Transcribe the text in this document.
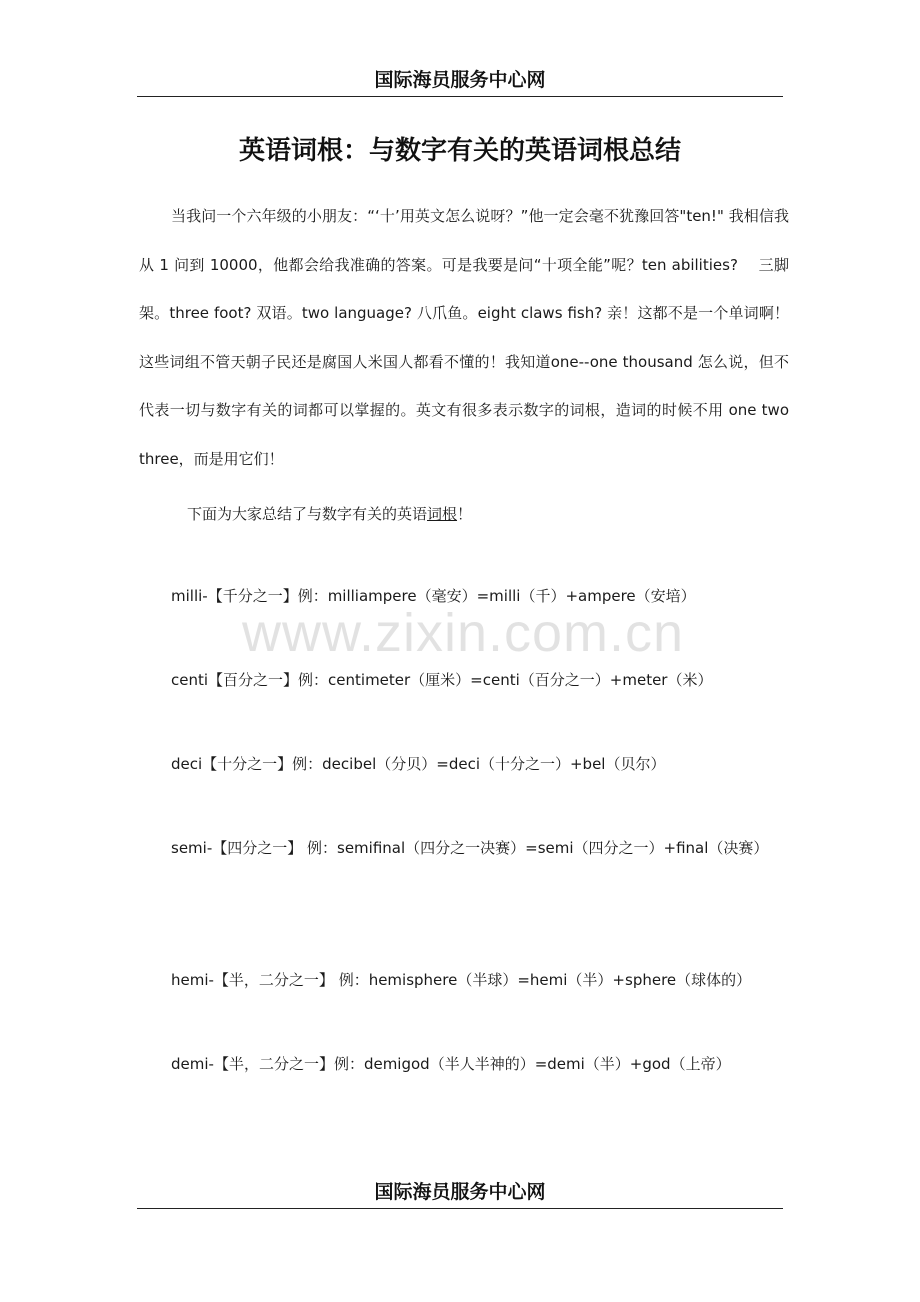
国际海员服务中心网
英语词根：与数字有关的英语词根总结

当我问一个六年级的小朋友：“‘十’用英文怎么说呀？”他一定会毫不犹豫回答"ten!" 我相信我从 1 问到 10000，他都会给我准确的答案。可是我要是问“十项全能”呢？ten abilities?　 三脚架。three foot? 双语。two language? 八爪鱼。eight claws fish? 亲！这都不是一个单词啊！这些词组不管天朝子民还是腐国人米国人都看不懂的！我知道one--one thousand 怎么说，但不代表一切与数字有关的词都可以掌握的。英文有很多表示数字的词根，造词的时候不用 one two three，而是用它们！

下面为大家总结了与数字有关的英语词根！

milli-【千分之一】例：milliampere（毫安）=milli（千）+ampere（安培）

centi【百分之一】例：centimeter（厘米）=centi（百分之一）+meter（米）

deci【十分之一】例：decibel（分贝）=deci（十分之一）+bel（贝尔）

semi-【四分之一】 例：semifinal（四分之一决赛）=semi（四分之一）+final（决赛）

hemi-【半，二分之一】 例：hemisphere（半球）=hemi（半）+sphere（球体的）

demi-【半，二分之一】例：demigod（半人半神的）=demi（半）+god（上帝）

www.zixin.com.cn
国际海员服务中心网
